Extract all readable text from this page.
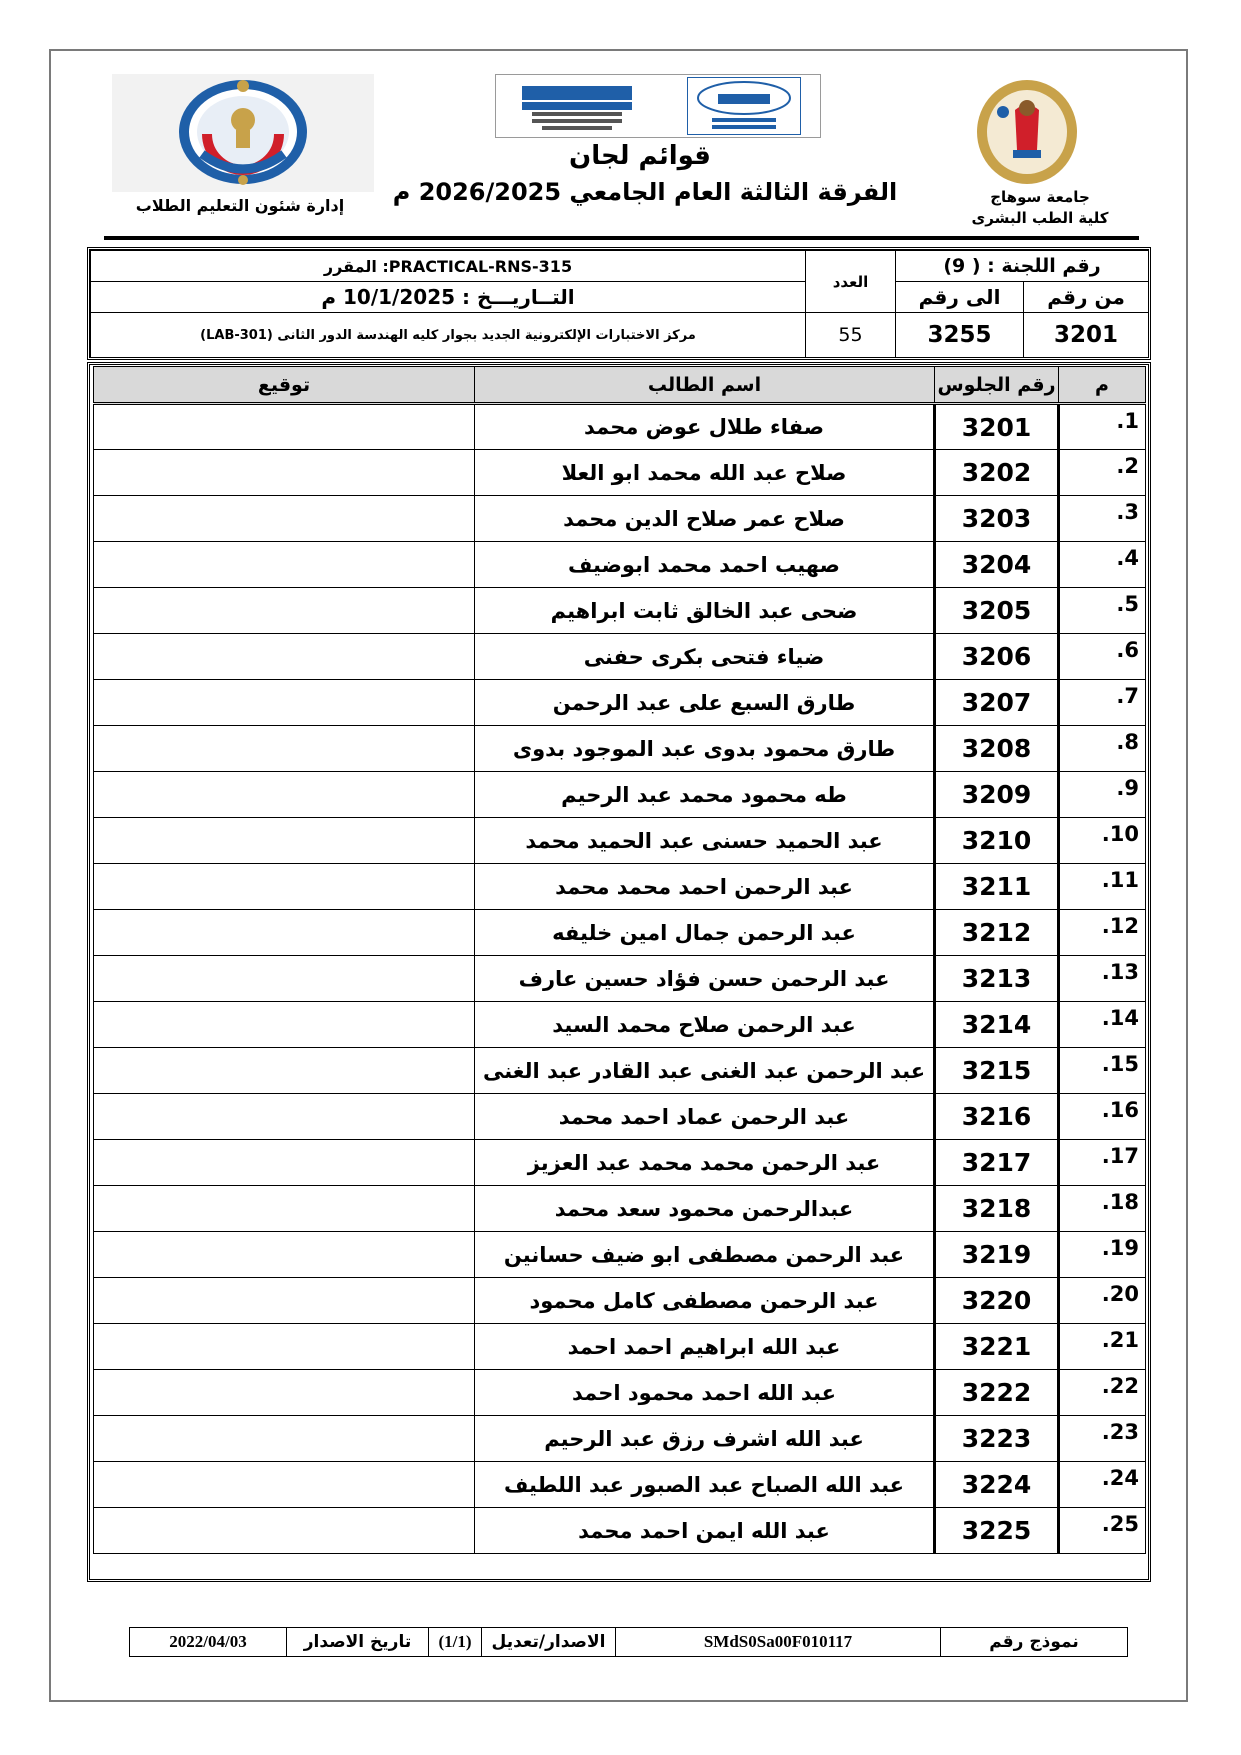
قوائم لجان
الفرقة الثالثة العام الجامعي 2026/2025 م	جامعة سوهاج
كلية الطب البشرى
إدارة شئون التعليم الطلاب
المقرر :PRACTICAL-RNS-315	العدد	رقم اللجنة : ( 9)	
التــاريـــخ : 10/1/2025 م		الى رقم	من رقم
مركز الاختبارات الإلكترونية الجديد بجوار كليه الهندسة الدور الثانى (LAB-301)	55	3255	3201
توقيع	اسم الطالب	رقم الجلوس	م
	صفاء طلال عوض محمد	3201	.1
	صلاح عبد الله محمد ابو العلا	3202	.2
	صلاح عمر صلاح الدين محمد	3203	.3
	صهيب احمد محمد ابوضيف	3204	.4
	ضحى عبد الخالق ثابت ابراهيم	3205	.5
	ضياء فتحى بكرى حفنى	3206	.6
	طارق السبع على عبد الرحمن	3207	.7
	طارق محمود بدوى عبد الموجود بدوى	3208	.8
	طه محمود محمد عبد الرحيم	3209	.9
	عبد الحميد حسنى عبد الحميد محمد	3210	.10
	عبد الرحمن احمد محمد محمد	3211	.11
	عبد الرحمن جمال امين خليفه	3212	.12
	عبد الرحمن حسن فؤاد حسين عارف	3213	.13
	عبد الرحمن صلاح محمد السيد	3214	.14
	عبد الرحمن عبد الغنى عبد القادر عبد الغنى	3215	.15
	عبد الرحمن عماد احمد محمد	3216	.16
	عبد الرحمن محمد محمد عبد العزيز	3217	.17
	عبدالرحمن محمود سعد محمد	3218	.18
	عبد الرحمن مصطفى ابو ضيف حسانين	3219	.19
	عبد الرحمن مصطفى كامل محمود	3220	.20
	عبد الله ابراهيم احمد احمد	3221	.21
	عبد الله احمد محمود احمد	3222	.22
	عبد الله اشرف رزق عبد الرحيم	3223	.23
	عبد الله الصباح عبد الصبور عبد اللطيف	3224	.24
	عبد الله ايمن احمد محمد	3225	.25
2022/04/03	تاريخ الاصدار	(1/1)	الاصدار/تعديل	SMdS0Sa00F010117	نموذج رقم
